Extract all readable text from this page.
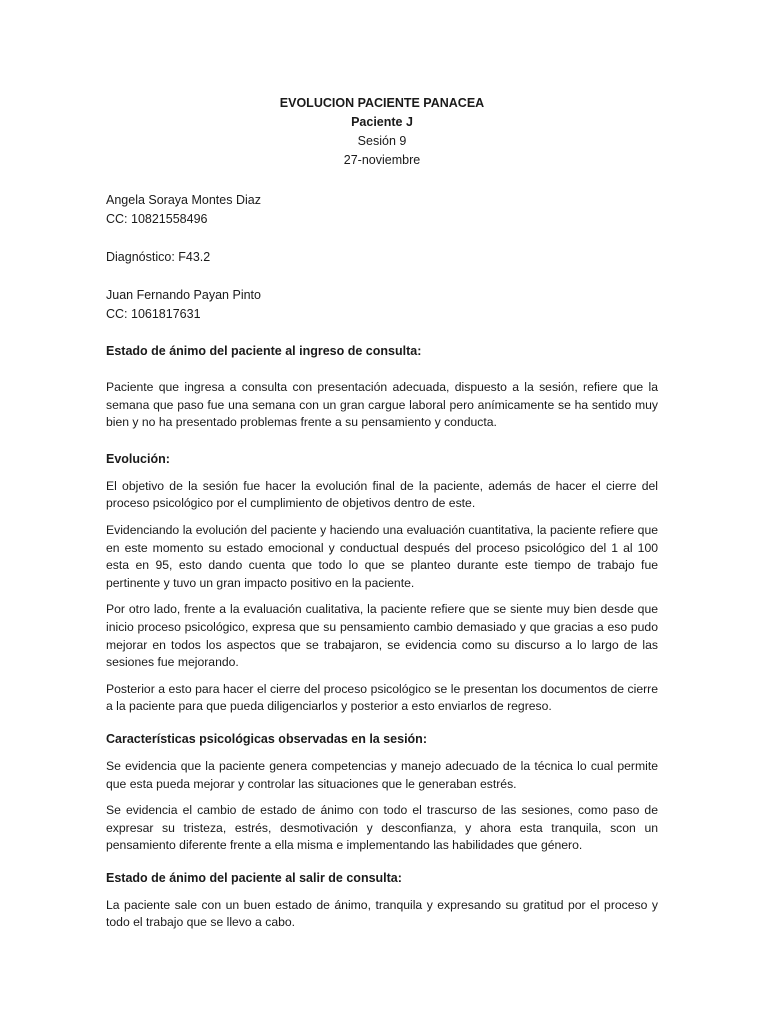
EVOLUCION PACIENTE PANACEA
Paciente J
Sesión 9
27-noviembre
Angela Soraya Montes Diaz
CC: 10821558496
Diagnóstico: F43.2
Juan Fernando Payan Pinto
CC: 1061817631
Estado de ánimo del paciente al ingreso de consulta:

Paciente que ingresa a consulta con presentación adecuada, dispuesto a la sesión, refiere que la semana que paso fue una semana con un gran cargue laboral pero anímicamente se ha sentido muy bien y no ha presentado problemas frente a su pensamiento y conducta.

Evolución:

El objetivo de la sesión fue hacer la evolución final de la paciente, además de hacer el cierre del proceso psicológico por el cumplimiento de objetivos dentro de este.

Evidenciando la evolución del paciente y haciendo una evaluación cuantitativa, la paciente refiere que en este momento su estado emocional y conductual después del proceso psicológico del 1 al 100 esta en 95, esto dando cuenta que todo lo que se planteo durante este tiempo de trabajo fue pertinente y tuvo un gran impacto positivo en la paciente.

Por otro lado, frente a la evaluación cualitativa, la paciente refiere que se siente muy bien desde que inicio proceso psicológico, expresa que su pensamiento cambio demasiado y que gracias a eso pudo mejorar en todos los aspectos que se trabajaron, se evidencia como su discurso a lo largo de las sesiones fue mejorando.

Posterior a esto para hacer el cierre del proceso psicológico se le presentan los documentos de cierre a la paciente para que pueda diligenciarlos y posterior a esto enviarlos de regreso.

Características psicológicas observadas en la sesión:

Se evidencia que la paciente genera competencias y manejo adecuado de la técnica lo cual permite que esta pueda mejorar y controlar las situaciones que le generaban estrés.

Se evidencia el cambio de estado de ánimo con todo el trascurso de las sesiones, como paso de expresar su tristeza, estrés, desmotivación y desconfianza, y ahora esta tranquila, scon un pensamiento diferente frente a ella misma e implementando las habilidades que género.

Estado de ánimo del paciente al salir de consulta:

La paciente sale con un buen estado de ánimo, tranquila y expresando su gratitud por el proceso y todo el trabajo que se llevo a cabo.
